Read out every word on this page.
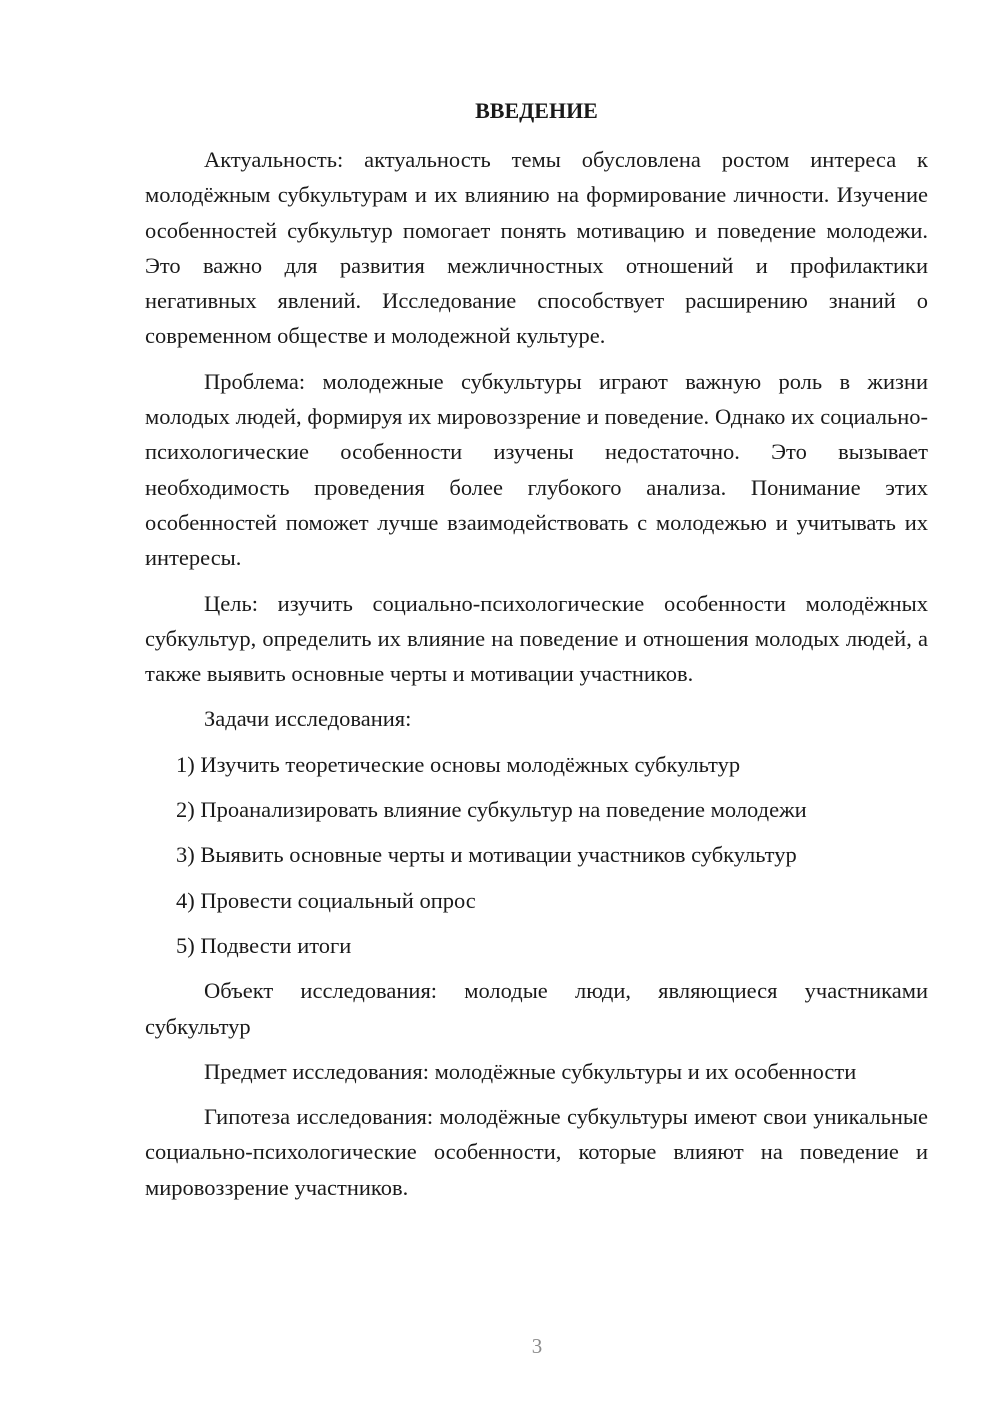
ВВЕДЕНИЕ

Актуальность: актуальность темы обусловлена ростом интереса к молодёжным субкультурам и их влиянию на формирование личности. Изучение особенностей субкультур помогает понять мотивацию и поведение молодежи. Это важно для развития межличностных отношений и профилактики негативных явлений. Исследование способствует расширению знаний о современном обществе и молодежной культуре.

Проблема: молодежные субкультуры играют важную роль в жизни молодых людей, формируя их мировоззрение и поведение. Однако их социально-психологические особенности изучены недостаточно. Это вызывает необходимость проведения более глубокого анализа. Понимание этих особенностей поможет лучше взаимодействовать с молодежью и учитывать их интересы.

Цель: изучить социально-психологические особенности молодёжных субкультур, определить их влияние на поведение и отношения молодых людей, а также выявить основные черты и мотивации участников.

Задачи исследования:

1) Изучить теоретические основы молодёжных субкультур

2) Проанализировать влияние субкультур на поведение молодежи

3) Выявить основные черты и мотивации участников субкультур

4) Провести социальный опрос

5) Подвести итоги

Объект исследования: молодые люди, являющиеся участниками субкультур

Предмет исследования: молодёжные субкультуры и их особенности

Гипотеза исследования: молодёжные субкультуры имеют свои уникальные социально-психологические особенности, которые влияют на поведение и мировоззрение участников.

3
